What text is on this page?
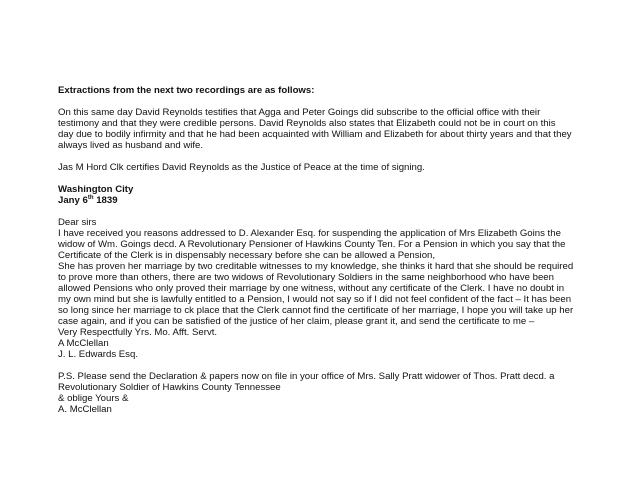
Extractions from the next two recordings are as follows:
On this same day David Reynolds testifies that Agga and Peter Goings did subscribe to the official office with their
testimony and that they were credible persons. David Reynolds also states that Elizabeth could not be in court on this
day due to bodily infirmity and that he had been acquainted with William and Elizabeth for about thirty years and that they
always lived as husband and wife.
Jas M Hord Clk certifies David Reynolds as the Justice of Peace at the time of signing.
Washington City
Jany 6th 1839
Dear sirs
I have received you reasons addressed to D. Alexander Esq. for suspending the application of Mrs Elizabeth Goins the
widow of Wm. Goings decd. A Revolutionary Pensioner of Hawkins County Ten. For a Pension in which you say that the
Certificate of the Clerk is in dispensably necessary before she can be allowed a Pension,
She has proven her marriage by two creditable witnesses to my knowledge, she thinks it hard that she should be required
to prove more than others, there are two widows of Revolutionary Soldiers in the same neighborhood who have been
allowed Pensions who only proved their marriage by one witness, without any certificate of the Clerk. I have no doubt in
my own mind but she is lawfully entitled to a Pension, I would not say so if I did not feel confident of the fact – It has been
so long since her marriage to ck place that the Clerk cannot find the certificate of her marriage, I hope you will take up her
case again, and if you can be satisfied of the justice of her claim, please grant it, and send the certificate to me –
Very Respectfully Yrs. Mo. Afft. Servt.
A McClellan
J. L. Edwards Esq.
P.S. Please send the Declaration & papers now on file in your office of Mrs. Sally Pratt widower of Thos. Pratt decd. a
Revolutionary Soldier of Hawkins County Tennessee
& oblige Yours &
A. McClellan
